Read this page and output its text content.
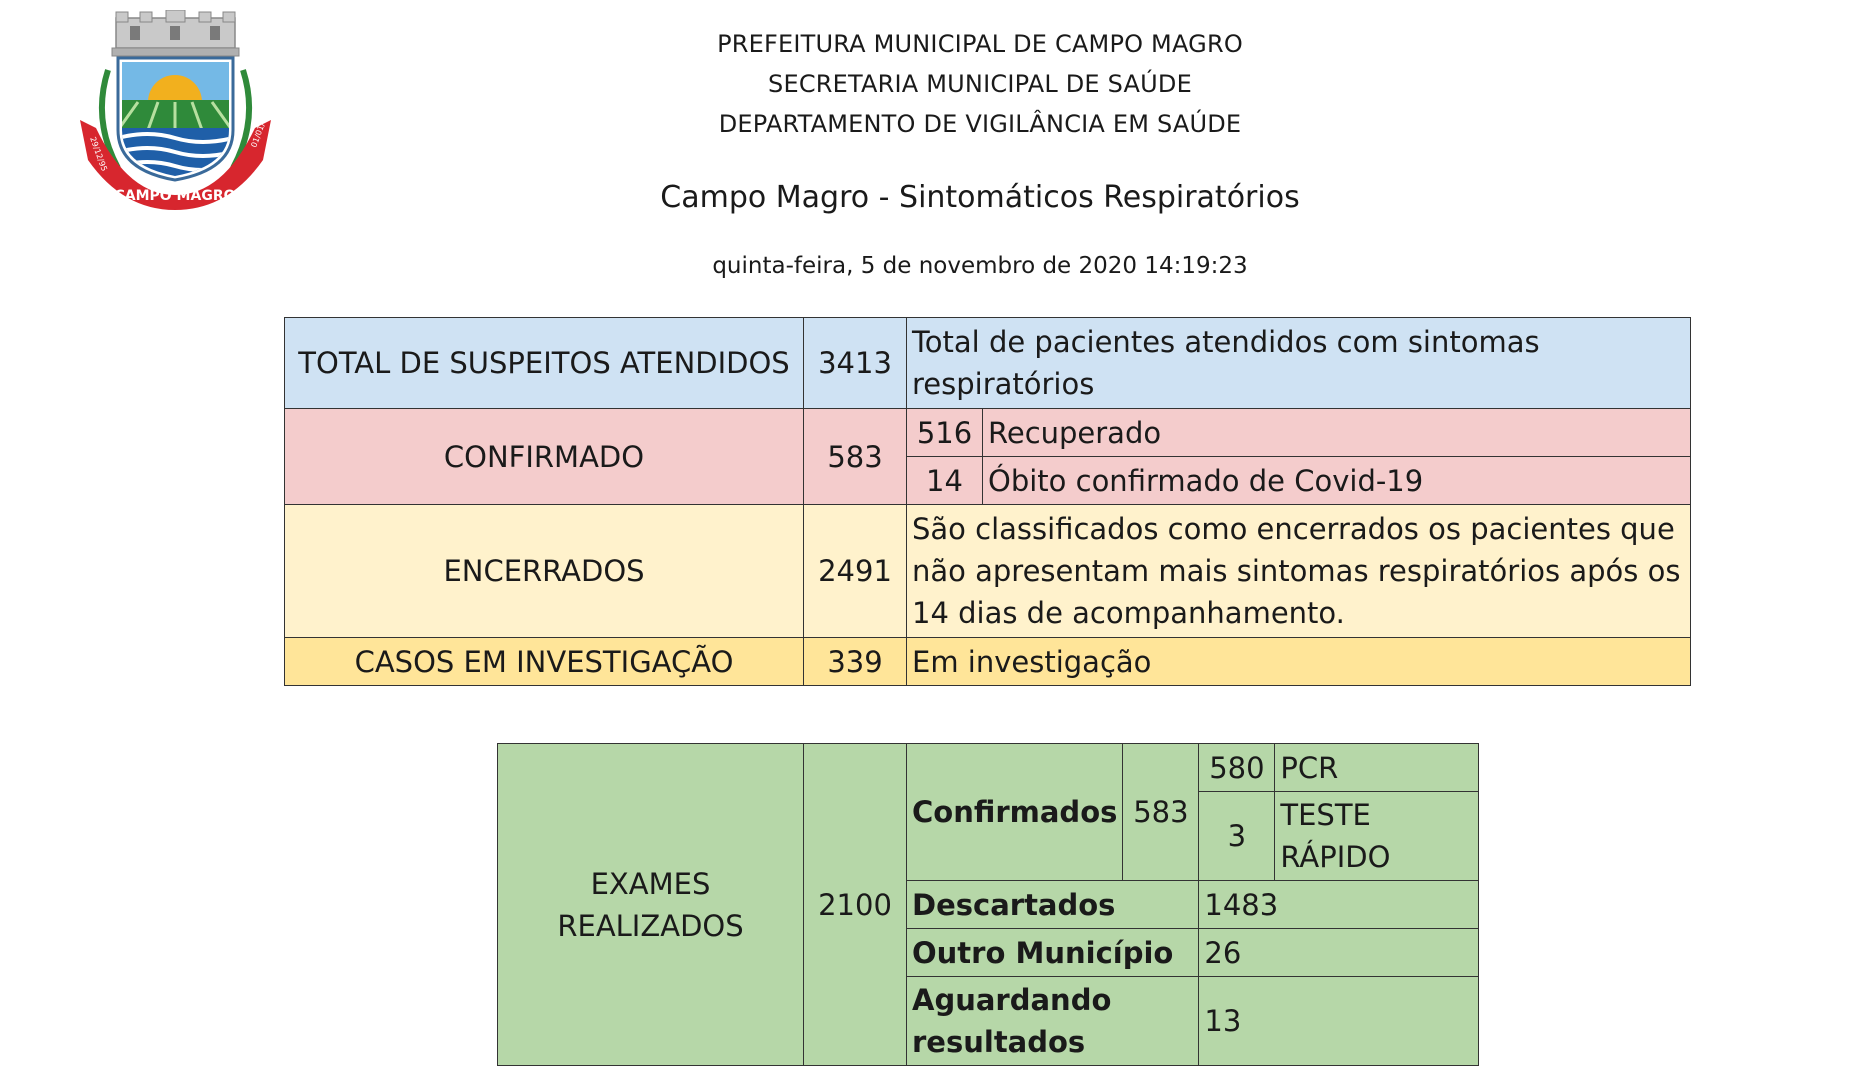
CAMPO MAGRO
29/12/95
01/01/97
PREFEITURA MUNICIPAL DE CAMPO MAGRO
SECRETARIA MUNICIPAL DE SAÚDE
DEPARTAMENTO DE VIGILÂNCIA EM SAÚDE
Campo Magro - Sintomáticos Respiratórios
quinta-feira, 5 de novembro de 2020 14:19:23
TOTAL DE SUSPEITOS ATENDIDOS	3413	Total de pacientes atendidos com sintomas respiratórios	
CONFIRMADO	583	516	Recuperado
		14	Óbito confirmado de Covid-19
ENCERRADOS	2491	São classificados como encerrados os pacientes que não apresentam mais sintomas respiratórios após os 14 dias de acompanhamento.	
CASOS EM INVESTIGAÇÃO	339	Em investigação	
EXAMES REALIZADOS	2100	Confirmados	583	580	PCR
				3	TESTE RÁPIDO
		Descartados		1483	
		Outro Município		26	
		Aguardando resultados		13	
